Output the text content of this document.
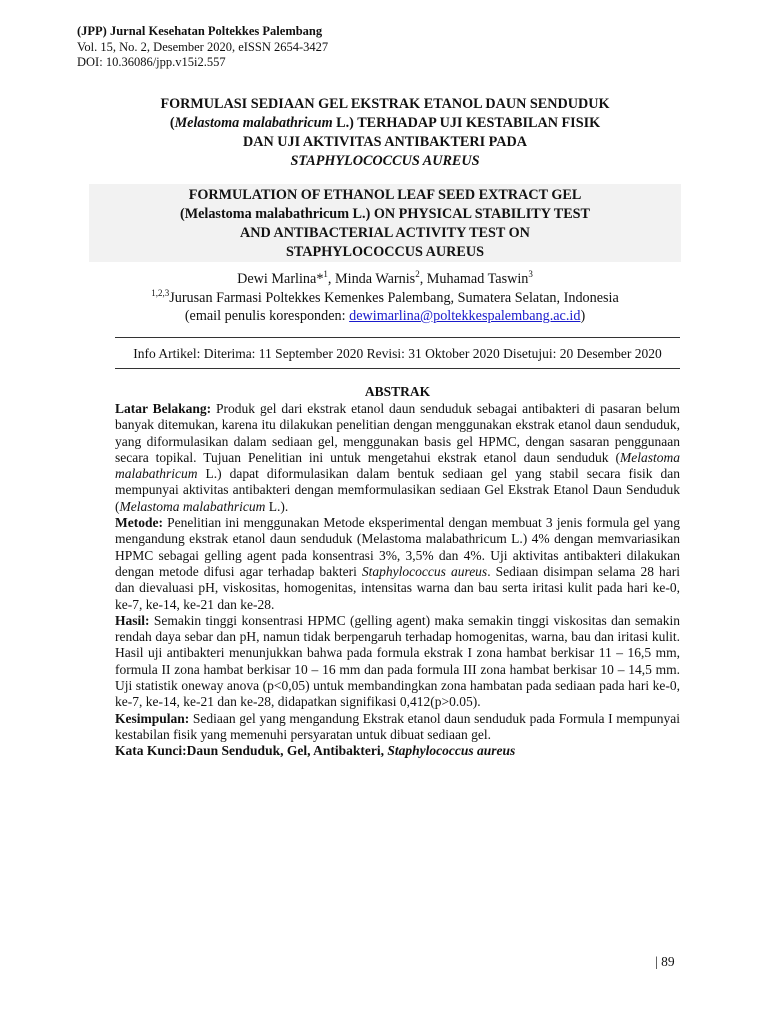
(JPP) Jurnal Kesehatan Poltekkes Palembang
Vol. 15, No. 2, Desember 2020, eISSN 2654-3427
DOI: 10.36086/jpp.v15i2.557
FORMULASI SEDIAAN GEL EKSTRAK ETANOL DAUN SENDUDUK
(Melastoma malabathricum L.) TERHADAP UJI KESTABILAN FISIK
DAN UJI AKTIVITAS ANTIBAKTERI PADA
STAPHYLOCOCCUS AUREUS
FORMULATION OF ETHANOL LEAF SEED EXTRACT GEL
(Melastoma malabathricum L.) ON PHYSICAL STABILITY TEST
AND ANTIBACTERIAL ACTIVITY TEST ON
STAPHYLOCOCCUS AUREUS
Dewi Marlina*$^1$, Minda Warnis$^2$, Muhamad Taswin$^3$
$^{1,2,3}$Jurusan Farmasi Poltekkes Kemenkes Palembang, Sumatera Selatan, Indonesia
(email penulis koresponden: dewimarlina@poltekkespalembang.ac.id)
Info Artikel: Diterima: 11 September 2020 Revisi: 31 Oktober 2020 Disetujui: 20 Desember 2020
ABSTRAK

Latar Belakang: Produk gel dari ekstrak etanol daun senduduk sebagai antibakteri di pasaran belum banyak ditemukan, karena itu dilakukan penelitian dengan menggunakan ekstrak etanol daun senduduk, yang diformulasikan dalam sediaan gel, menggunakan basis gel HPMC, dengan sasaran penggunaan secara topikal. Tujuan Penelitian ini untuk mengetahui ekstrak etanol daun senduduk (Melastoma malabathricum L.) dapat diformulasikan dalam bentuk sediaan gel yang stabil secara fisik dan mempunyai aktivitas antibakteri dengan memformulasikan sediaan Gel Ekstrak Etanol Daun Senduduk (Melastoma malabathricum L.).

Metode: Penelitian ini menggunakan Metode eksperimental dengan membuat 3 jenis formula gel yang mengandung ekstrak etanol daun senduduk (Melastoma malabathricum L.) 4% dengan memvariasikan HPMC sebagai gelling agent pada konsentrasi 3%, 3,5% dan 4%. Uji aktivitas antibakteri dilakukan dengan metode difusi agar terhadap bakteri Staphylococcus aureus. Sediaan disimpan selama 28 hari dan dievaluasi pH, viskositas, homogenitas, intensitas warna dan bau serta iritasi kulit pada hari ke-0, ke-7, ke-14, ke-21 dan ke-28.

Hasil: Semakin tinggi konsentrasi HPMC (gelling agent) maka semakin tinggi viskositas dan semakin rendah daya sebar dan pH, namun tidak berpengaruh terhadap homogenitas, warna, bau dan iritasi kulit. Hasil uji antibakteri menunjukkan bahwa pada formula ekstrak I zona hambat berkisar 11 – 16,5 mm, formula II zona hambat berkisar 10 – 16 mm dan pada formula III zona hambat berkisar 10 – 14,5 mm. Uji statistik oneway anova (p<0,05) untuk membandingkan zona hambatan pada sediaan pada hari ke-0, ke-7, ke-14, ke-21 dan ke-28, didapatkan signifikasi 0,412(p>0.05).

Kesimpulan: Sediaan gel yang mengandung Ekstrak etanol daun senduduk pada Formula I mempunyai kestabilan fisik yang memenuhi persyaratan untuk dibuat sediaan gel.

Kata Kunci:Daun Senduduk, Gel, Antibakteri, Staphylococcus aureus

| 89
